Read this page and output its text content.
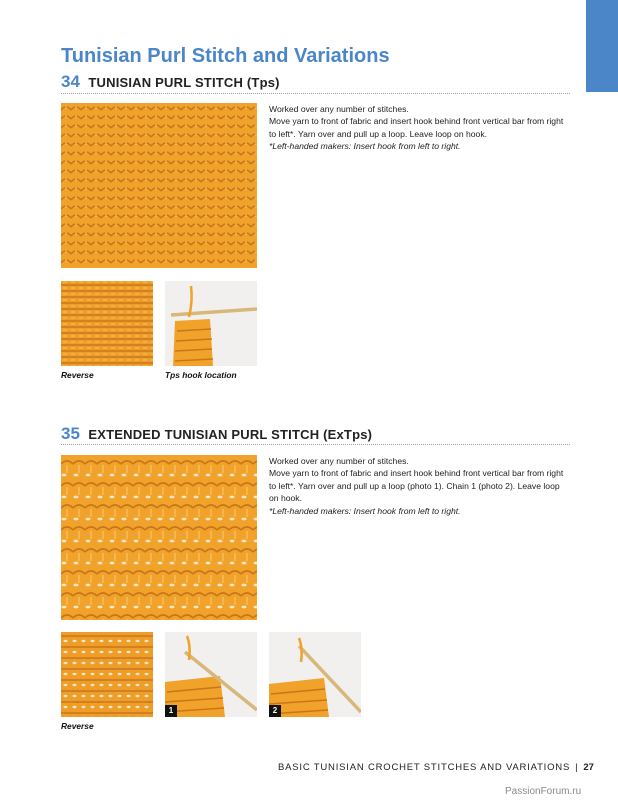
Tunisian Purl Stitch and Variations
34 TUNISIAN PURL STITCH (Tps)

Worked over any number of stitches.

Move yarn to front of fabric and insert hook behind front vertical bar from right to left*. Yarn over and pull up a loop. Leave loop on hook.

*Left-handed makers: Insert hook from left to right.

Reverse	Tps hook location
35 EXTENDED TUNISIAN PURL STITCH (ExTps)

Worked over any number of stitches.

Move yarn to front of fabric and insert hook behind front vertical bar from right to left*. Yarn over and pull up a loop (photo 1). Chain 1 (photo 2). Leave loop on hook.

*Left-handed makers: Insert hook from left to right.

1	2
Reverse
BASIC TUNISIAN CROCHET STITCHES AND VARIATIONS | 27
PassionForum.ru
